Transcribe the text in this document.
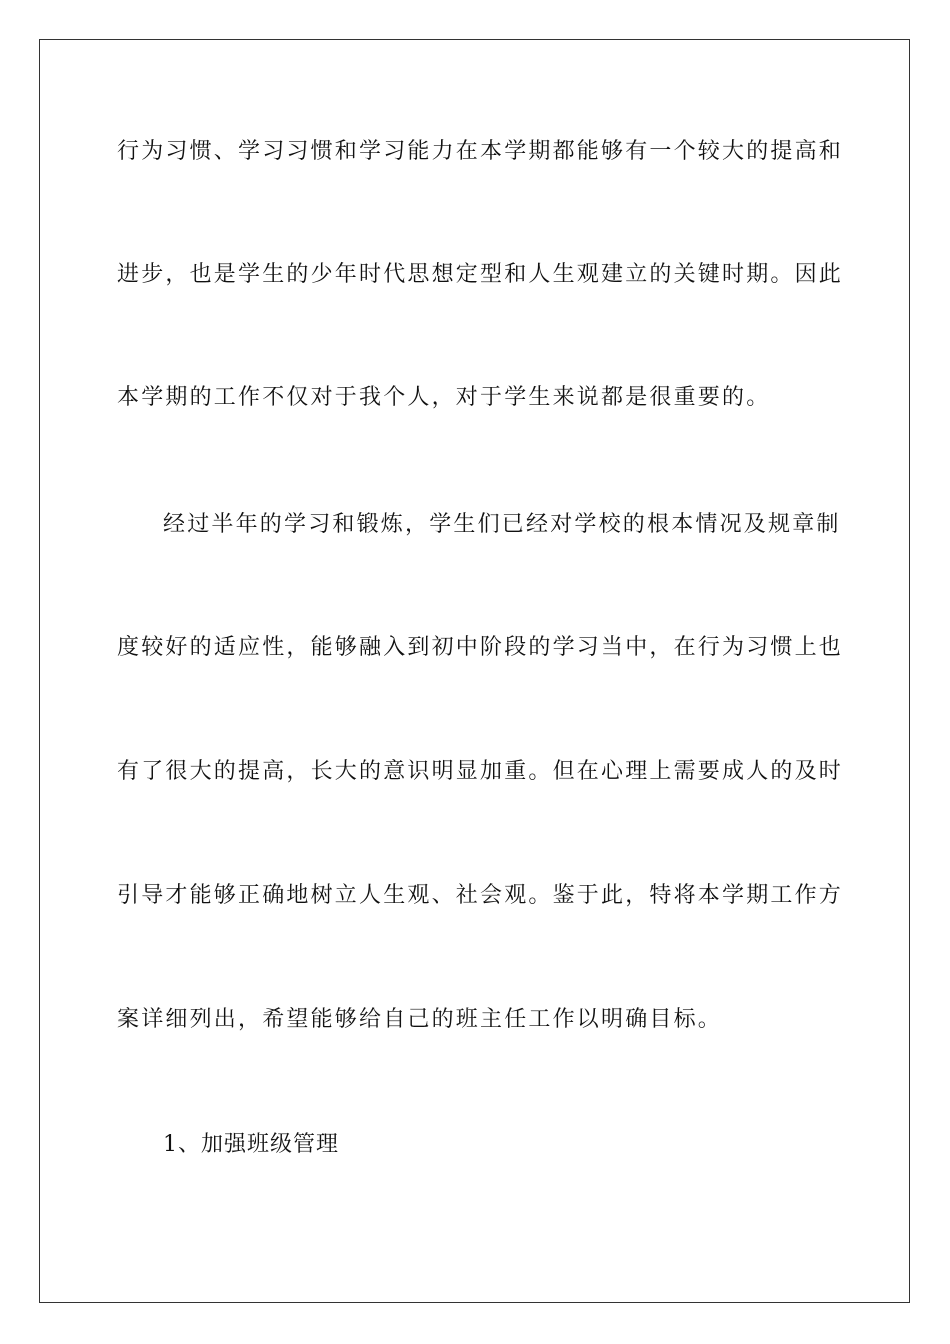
行为习惯、学习习惯和学习能力在本学期都能够有一个较大的提高和
进步，也是学生的少年时代思想定型和人生观建立的关键时期。因此
本学期的工作不仅对于我个人，对于学生来说都是很重要的。
经过半年的学习和锻炼，学生们已经对学校的根本情况及规章制
度较好的适应性，能够融入到初中阶段的学习当中，在行为习惯上也
有了很大的提高，长大的意识明显加重。但在心理上需要成人的及时
引导才能够正确地树立人生观、社会观。鉴于此，特将本学期工作方
案详细列出，希望能够给自己的班主任工作以明确目标。
1、加强班级管理
